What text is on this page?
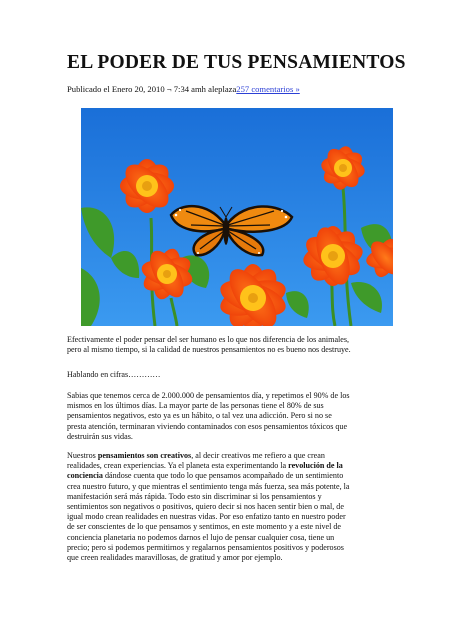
EL PODER DE TUS PENSAMIENTOS
Publicado el Enero 20, 2010 ¬ 7:34 amh aleplaza257 comentarios »
Efectivamente el poder pensar del ser humano es lo que nos diferencia de los animales,
pero al mismo tiempo, si la calidad de nuestros pensamientos no es bueno nos destruye.
Hablando en cifras…………
Sabias que tenemos cerca de 2.000.000 de pensamientos día, y repetimos el 90% de los
mismos en los últimos días. La mayor parte de las personas tiene el 80% de sus
pensamientos negativos, esto ya es un hábito, o tal vez una adicción. Pero si no se
presta atención, terminaran viviendo contaminados con esos pensamientos tóxicos que
destruirán sus vidas.
Nuestros pensamientos son creativos, al decir creativos me refiero a que crean
realidades, crean experiencias. Ya el planeta esta experimentando la revolución de la
conciencia dándose cuenta que todo lo que pensamos acompañado de un sentimiento
crea nuestro futuro, y que mientras el sentimiento tenga más fuerza, sea más potente, la
manifestación será más rápida. Todo esto sin discriminar si los pensamientos y
sentimientos son negativos o positivos, quiero decir si nos hacen sentir bien o mal, de
igual modo crean realidades en nuestras vidas. Por eso enfatizo tanto en nuestro poder
de ser conscientes de lo que pensamos y sentimos, en este momento y a este nivel de
conciencia planetaria no podemos darnos el lujo de pensar cualquier cosa, tiene un
precio; pero si podemos permitirnos y regalarnos pensamientos positivos y poderosos
que creen realidades maravillosas, de gratitud y amor por ejemplo.
